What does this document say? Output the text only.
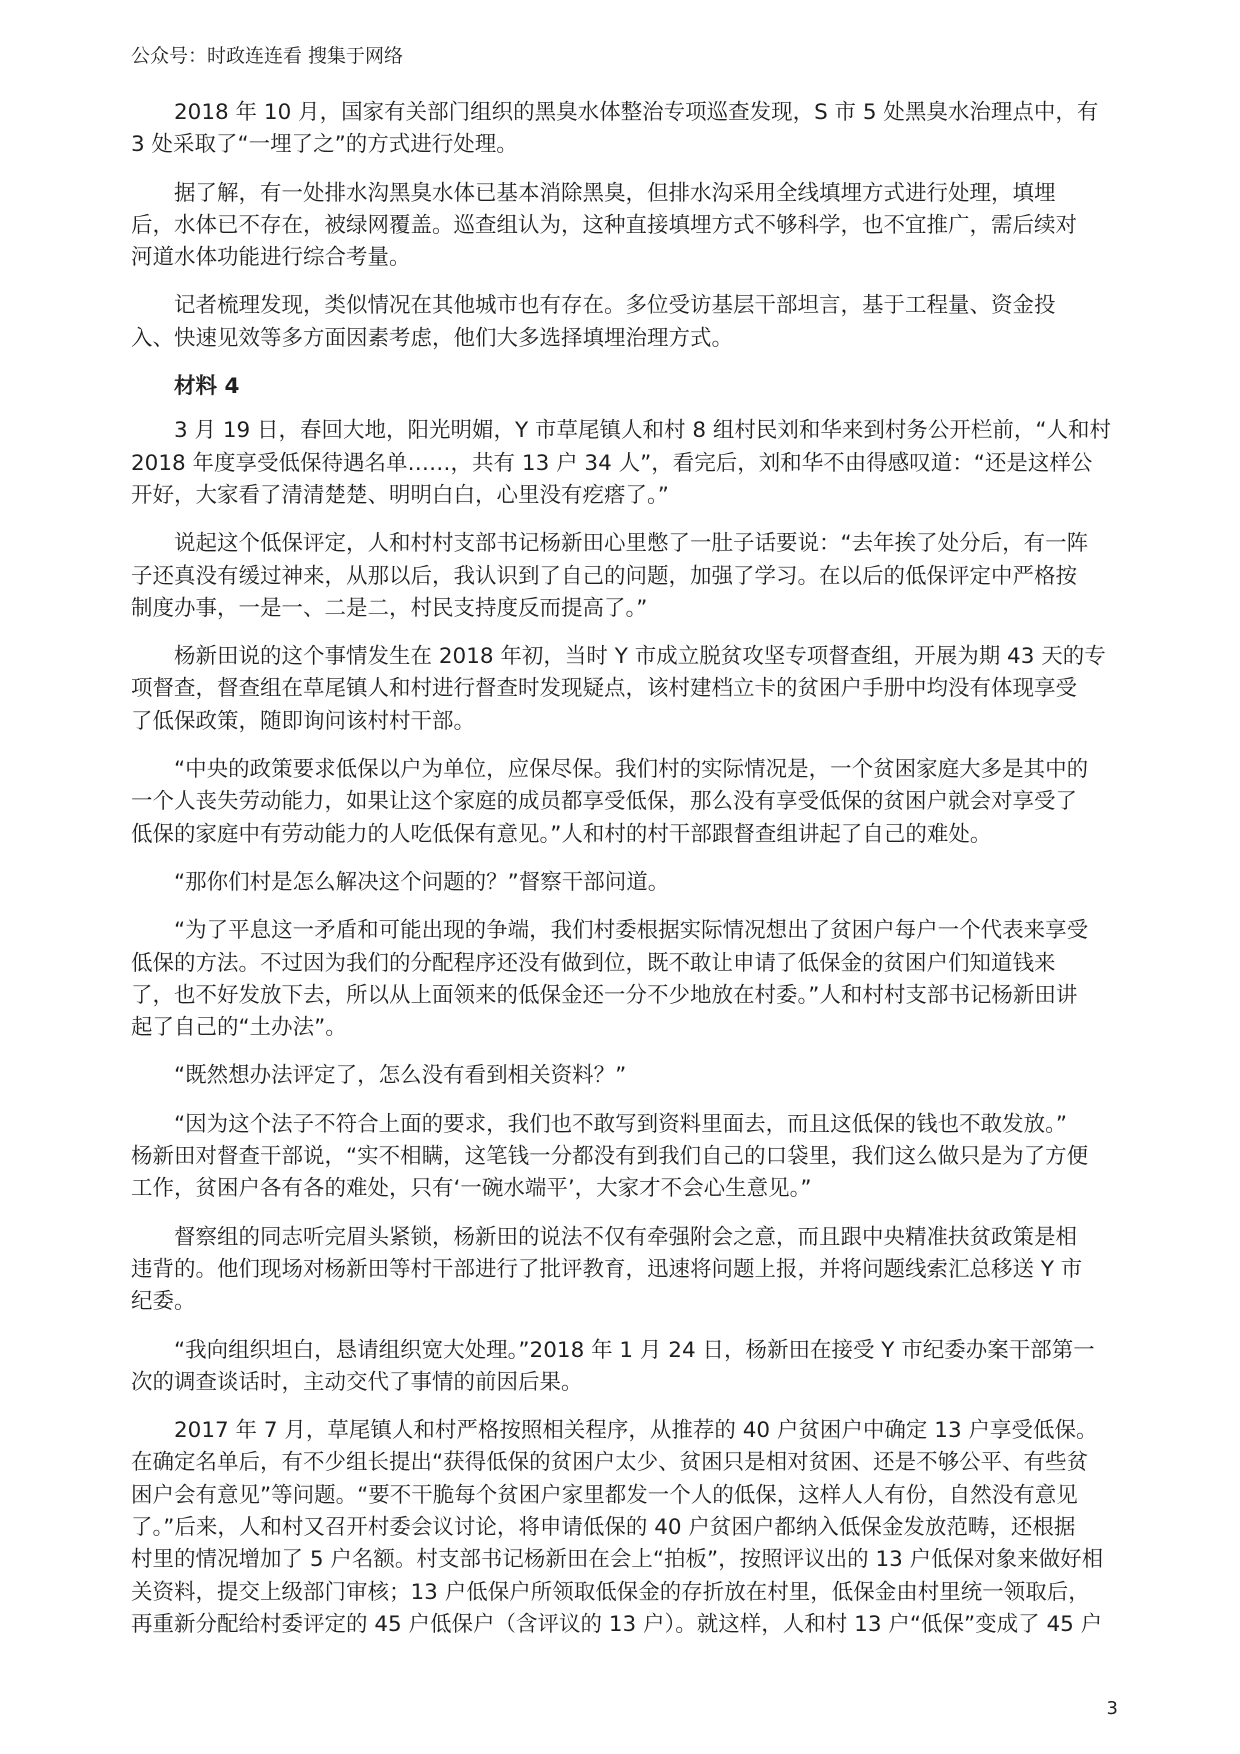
公众号：时政连连看 搜集于网络
2018 年 10 月，国家有关部门组织的黑臭水体整治专项巡查发现，S 市 5 处黑臭水治理点中，有
3 处采取了“一埋了之”的方式进行处理。
据了解，有一处排水沟黑臭水体已基本消除黑臭，但排水沟采用全线填埋方式进行处理，填埋
后，水体已不存在，被绿网覆盖。巡查组认为，这种直接填埋方式不够科学，也不宜推广，需后续对
河道水体功能进行综合考量。
记者梳理发现，类似情况在其他城市也有存在。多位受访基层干部坦言，基于工程量、资金投
入、快速见效等多方面因素考虑，他们大多选择填埋治理方式。
材料 4
3 月 19 日，春回大地，阳光明媚，Y 市草尾镇人和村 8 组村民刘和华来到村务公开栏前，“人和村
2018 年度享受低保待遇名单……，共有 13 户 34 人”，看完后，刘和华不由得感叹道：“还是这样公
开好，大家看了清清楚楚、明明白白，心里没有疙瘩了。”
说起这个低保评定，人和村村支部书记杨新田心里憋了一肚子话要说：“去年挨了处分后，有一阵
子还真没有缓过神来，从那以后，我认识到了自己的问题，加强了学习。在以后的低保评定中严格按
制度办事，一是一、二是二，村民支持度反而提高了。”
杨新田说的这个事情发生在 2018 年初，当时 Y 市成立脱贫攻坚专项督查组，开展为期 43 天的专
项督查，督查组在草尾镇人和村进行督查时发现疑点，该村建档立卡的贫困户手册中均没有体现享受
了低保政策，随即询问该村村干部。
“中央的政策要求低保以户为单位，应保尽保。我们村的实际情况是，一个贫困家庭大多是其中的
一个人丧失劳动能力，如果让这个家庭的成员都享受低保，那么没有享受低保的贫困户就会对享受了
低保的家庭中有劳动能力的人吃低保有意见。”人和村的村干部跟督查组讲起了自己的难处。
“那你们村是怎么解决这个问题的？”督察干部问道。
“为了平息这一矛盾和可能出现的争端，我们村委根据实际情况想出了贫困户每户一个代表来享受
低保的方法。不过因为我们的分配程序还没有做到位，既不敢让申请了低保金的贫困户们知道钱来
了，也不好发放下去，所以从上面领来的低保金还一分不少地放在村委。”人和村村支部书记杨新田讲
起了自己的“土办法”。
“既然想办法评定了，怎么没有看到相关资料？”
“因为这个法子不符合上面的要求，我们也不敢写到资料里面去，而且这低保的钱也不敢发放。”
杨新田对督查干部说，“实不相瞒，这笔钱一分都没有到我们自己的口袋里，我们这么做只是为了方便
工作，贫困户各有各的难处，只有‘一碗水端平’，大家才不会心生意见。”
督察组的同志听完眉头紧锁，杨新田的说法不仅有牵强附会之意，而且跟中央精准扶贫政策是相
违背的。他们现场对杨新田等村干部进行了批评教育，迅速将问题上报，并将问题线索汇总移送 Y 市
纪委。
“我向组织坦白，恳请组织宽大处理。”2018 年 1 月 24 日，杨新田在接受 Y 市纪委办案干部第一
次的调查谈话时，主动交代了事情的前因后果。
2017 年 7 月，草尾镇人和村严格按照相关程序，从推荐的 40 户贫困户中确定 13 户享受低保。
在确定名单后，有不少组长提出“获得低保的贫困户太少、贫困只是相对贫困、还是不够公平、有些贫
困户会有意见”等问题。“要不干脆每个贫困户家里都发一个人的低保，这样人人有份，自然没有意见
了。”后来，人和村又召开村委会议讨论，将申请低保的 40 户贫困户都纳入低保金发放范畴，还根据
村里的情况增加了 5 户名额。村支部书记杨新田在会上“拍板”，按照评议出的 13 户低保对象来做好相
关资料，提交上级部门审核；13 户低保户所领取低保金的存折放在村里，低保金由村里统一领取后，
再重新分配给村委评定的 45 户低保户（含评议的 13 户）。就这样，人和村 13 户“低保”变成了 45 户
3
